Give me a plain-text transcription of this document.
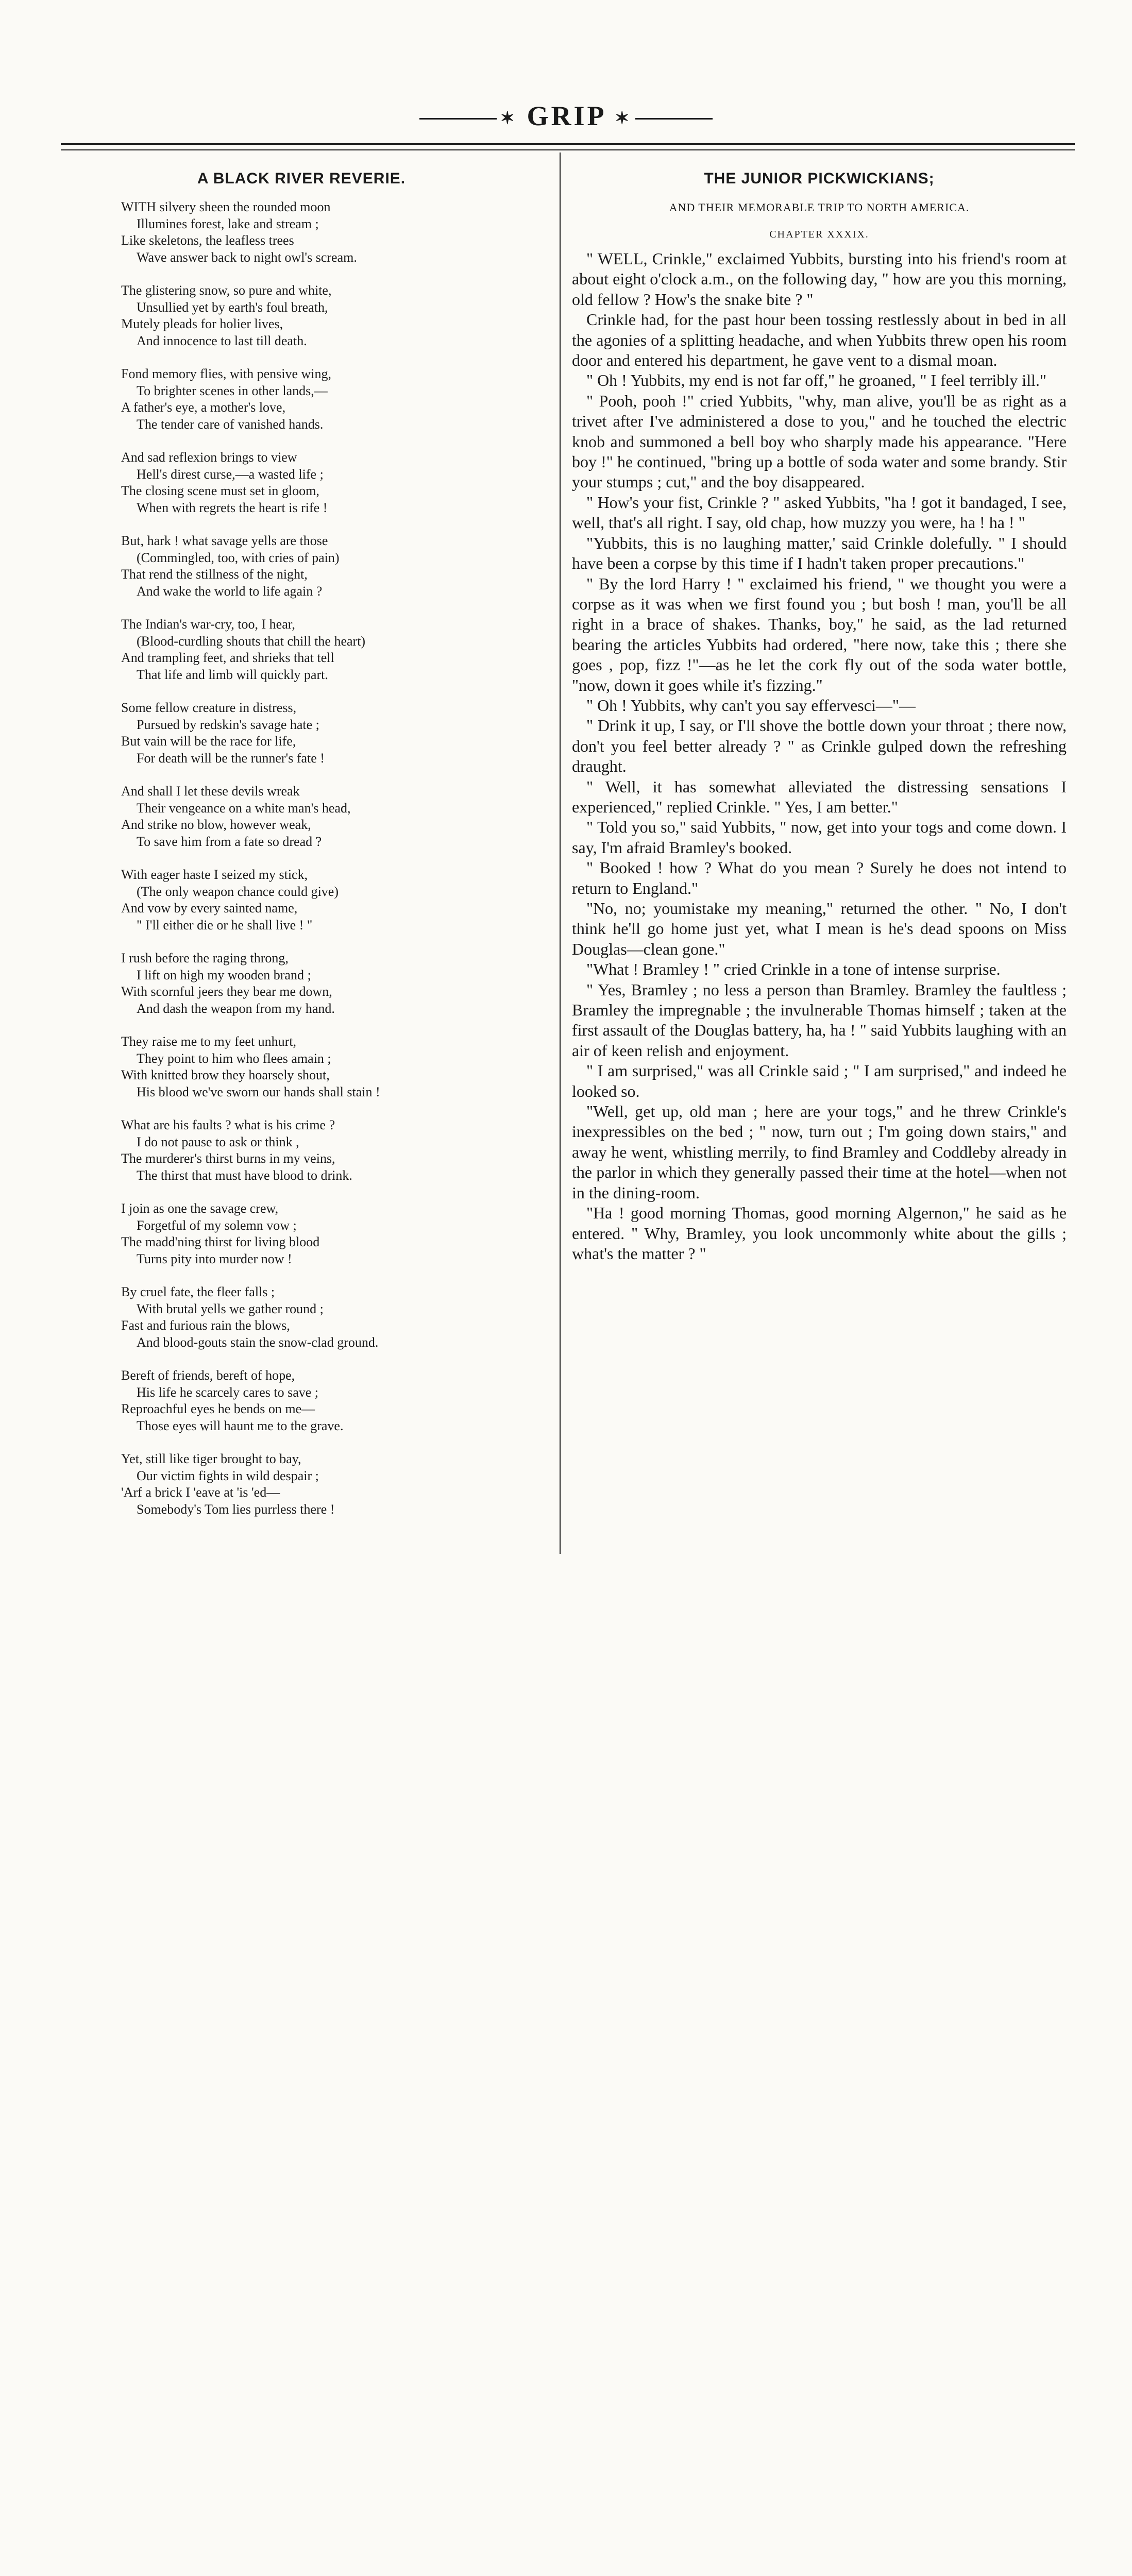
✶ GRIP ✶
A BLACK RIVER REVERIE.
WITH silvery sheen the rounded moon
Illumines forest, lake and stream ;
Like skeletons, the leafless trees
Wave answer back to night owl's scream.
The glistering snow, so pure and white,
Unsullied yet by earth's foul breath,
Mutely pleads for holier lives,
And innocence to last till death.
Fond memory flies, with pensive wing,
To brighter scenes in other lands,—
A father's eye, a mother's love,
The tender care of vanished hands.
And sad reflexion brings to view
Hell's direst curse,—a wasted life ;
The closing scene must set in gloom,
When with regrets the heart is rife !
But, hark ! what savage yells are those
(Commingled, too, with cries of pain)
That rend the stillness of the night,
And wake the world to life again ?
The Indian's war-cry, too, I hear,
(Blood-curdling shouts that chill the heart)
And trampling feet, and shrieks that tell
That life and limb will quickly part.
Some fellow creature in distress,
Pursued by redskin's savage hate ;
But vain will be the race for life,
For death will be the runner's fate !
And shall I let these devils wreak
Their vengeance on a white man's head,
And strike no blow, however weak,
To save him from a fate so dread ?
With eager haste I seized my stick,
(The only weapon chance could give)
And vow by every sainted name,
" I'll either die or he shall live ! "
I rush before the raging throng,
I lift on high my wooden brand ;
With scornful jeers they bear me down,
And dash the weapon from my hand.
They raise me to my feet unhurt,
They point to him who flees amain ;
With knitted brow they hoarsely shout,
His blood we've sworn our hands shall stain !
What are his faults ? what is his crime ?
I do not pause to ask or think ,
The murderer's thirst burns in my veins,
The thirst that must have blood to drink.
I join as one the savage crew,
Forgetful of my solemn vow ;
The madd'ning thirst for living blood
Turns pity into murder now !
By cruel fate, the fleer falls ;
With brutal yells we gather round ;
Fast and furious rain the blows,
And blood-gouts stain the snow-clad ground.
Bereft of friends, bereft of hope,
His life he scarcely cares to save ;
Reproachful eyes he bends on me—
Those eyes will haunt me to the grave.
Yet, still like tiger brought to bay,
Our victim fights in wild despair ;
'Arf a brick I 'eave at 'is 'ed—
Somebody's Tom lies purrless there !
THE JUNIOR PICKWICKIANS;
AND THEIR MEMORABLE TRIP TO NORTH AMERICA.
CHAPTER XXXIX.

" WELL, Crinkle," exclaimed Yubbits, bursting into his friend's room at about eight o'clock a.m., on the following day, " how are you this morning, old fellow ? How's the snake bite ? "

Crinkle had, for the past hour been tossing restlessly about in bed in all the agonies of a splitting headache, and when Yubbits threw open his room door and entered his department, he gave vent to a dismal moan.

" Oh ! Yubbits, my end is not far off," he groaned, " I feel terribly ill."

" Pooh, pooh !" cried Yubbits, "why, man alive, you'll be as right as a trivet after I've administered a dose to you," and he touched the electric knob and summoned a bell boy who sharply made his appearance. "Here boy !" he continued, "bring up a bottle of soda water and some brandy. Stir your stumps ; cut," and the boy disappeared.

" How's your fist, Crinkle ? " asked Yubbits, "ha ! got it bandaged, I see, well, that's all right. I say, old chap, how muzzy you were, ha ! ha ! "

"Yubbits, this is no laughing matter,' said Crinkle dolefully. " I should have been a corpse by this time if I hadn't taken proper precautions."

" By the lord Harry ! " exclaimed his friend, " we thought you were a corpse as it was when we first found you ; but bosh ! man, you'll be all right in a brace of shakes. Thanks, boy," he said, as the lad returned bearing the articles Yubbits had ordered, "here now, take this ; there she goes , pop, fizz !"—as he let the cork fly out of the soda water bottle, "now, down it goes while it's fizzing."

" Oh ! Yubbits, why can't you say effervesci—"—

" Drink it up, I say, or I'll shove the bottle down your throat ; there now, don't you feel better already ? " as Crinkle gulped down the refreshing draught.

" Well, it has somewhat alleviated the distressing sensations I experienced," replied Crinkle. " Yes, I am better."

" Told you so," said Yubbits, " now, get into your togs and come down. I say, I'm afraid Bramley's booked.

" Booked ! how ? What do you mean ? Surely he does not intend to return to England."

"No, no; youmistake my meaning," returned the other. " No, I don't think he'll go home just yet, what I mean is he's dead spoons on Miss Douglas—clean gone."

"What ! Bramley ! " cried Crinkle in a tone of intense surprise.

" Yes, Bramley ; no less a person than Bramley. Bramley the faultless ; Bramley the impregnable ; the invulnerable Thomas himself ; taken at the first assault of the Douglas battery, ha, ha ! " said Yubbits laughing with an air of keen relish and enjoyment.

" I am surprised," was all Crinkle said ; " I am surprised," and indeed he looked so.

"Well, get up, old man ; here are your togs," and he threw Crinkle's inexpressibles on the bed ; " now, turn out ; I'm going down stairs," and away he went, whistling merrily, to find Bramley and Coddleby already in the parlor in which they generally passed their time at the hotel—when not in the dining-room.

"Ha ! good morning Thomas, good morning Algernon," he said as he entered. " Why, Bramley, you look uncommonly white about the gills ; what's the matter ? "
